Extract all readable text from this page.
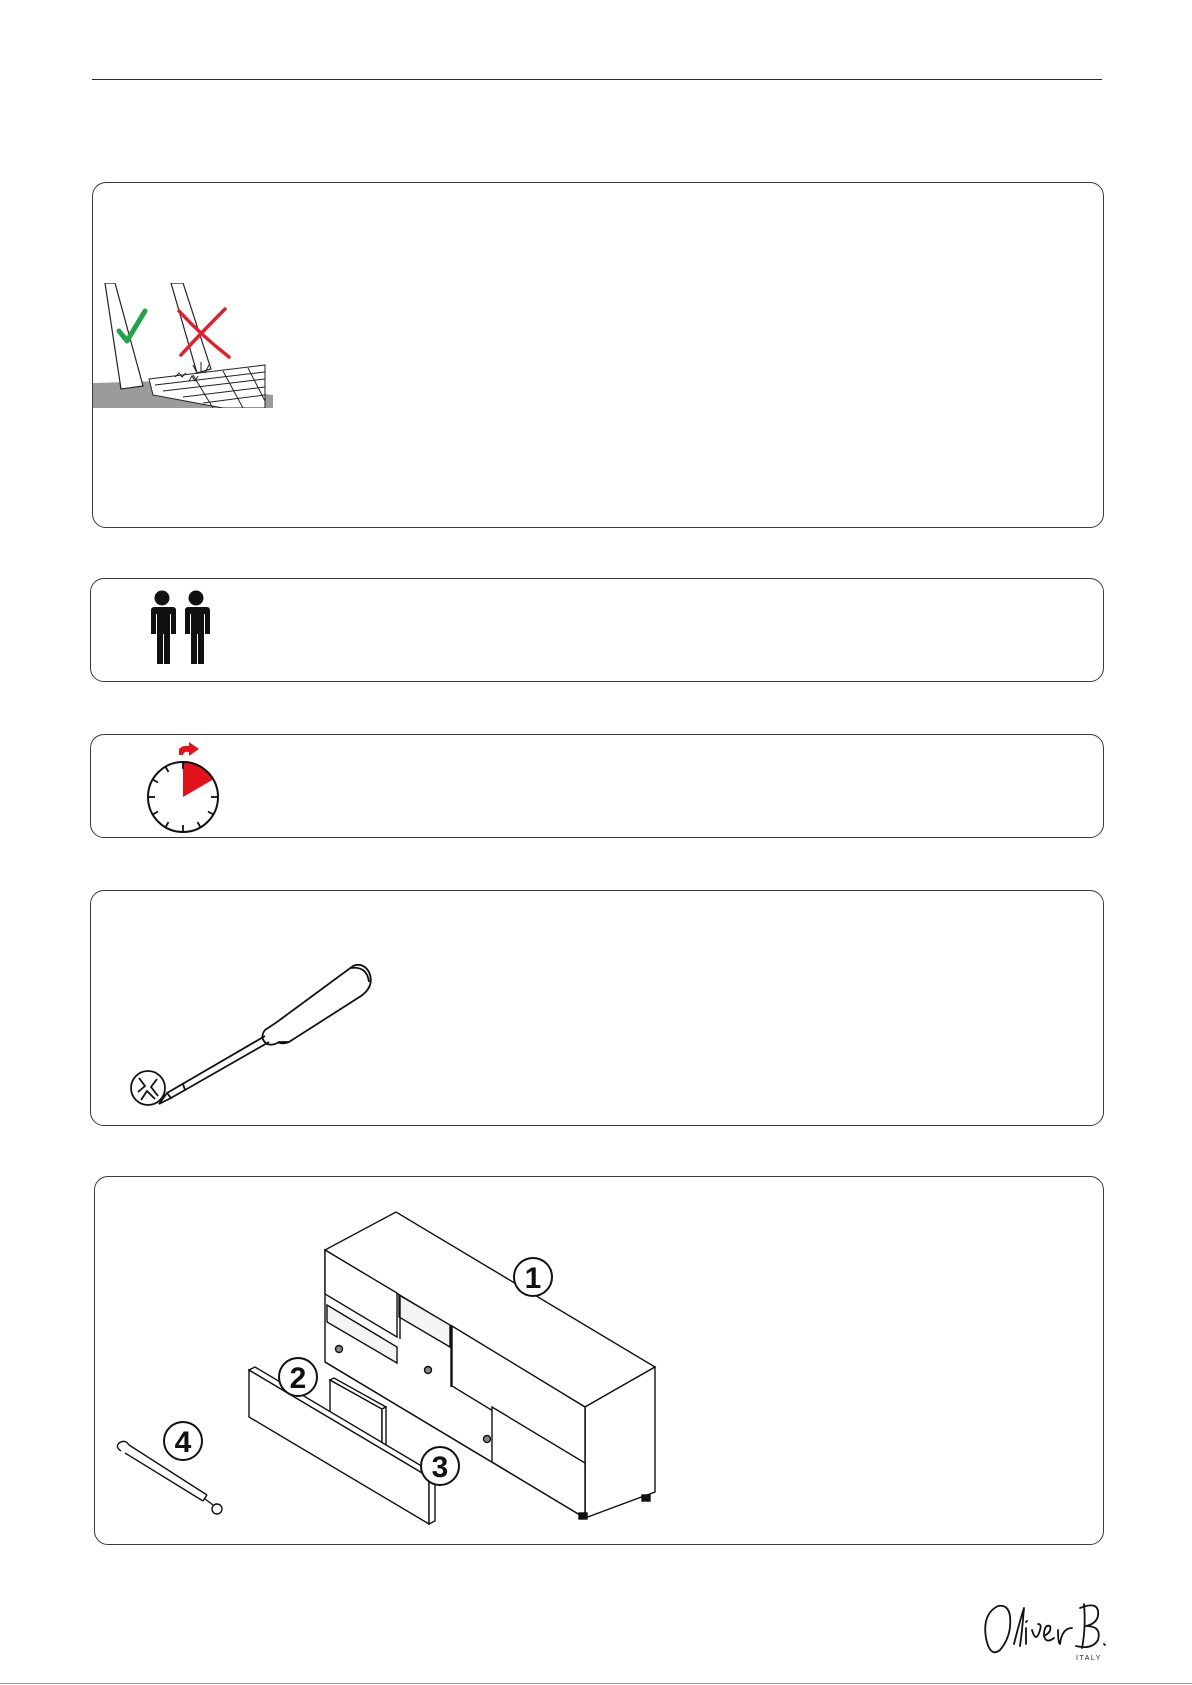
1
2
3
4
ITALY
